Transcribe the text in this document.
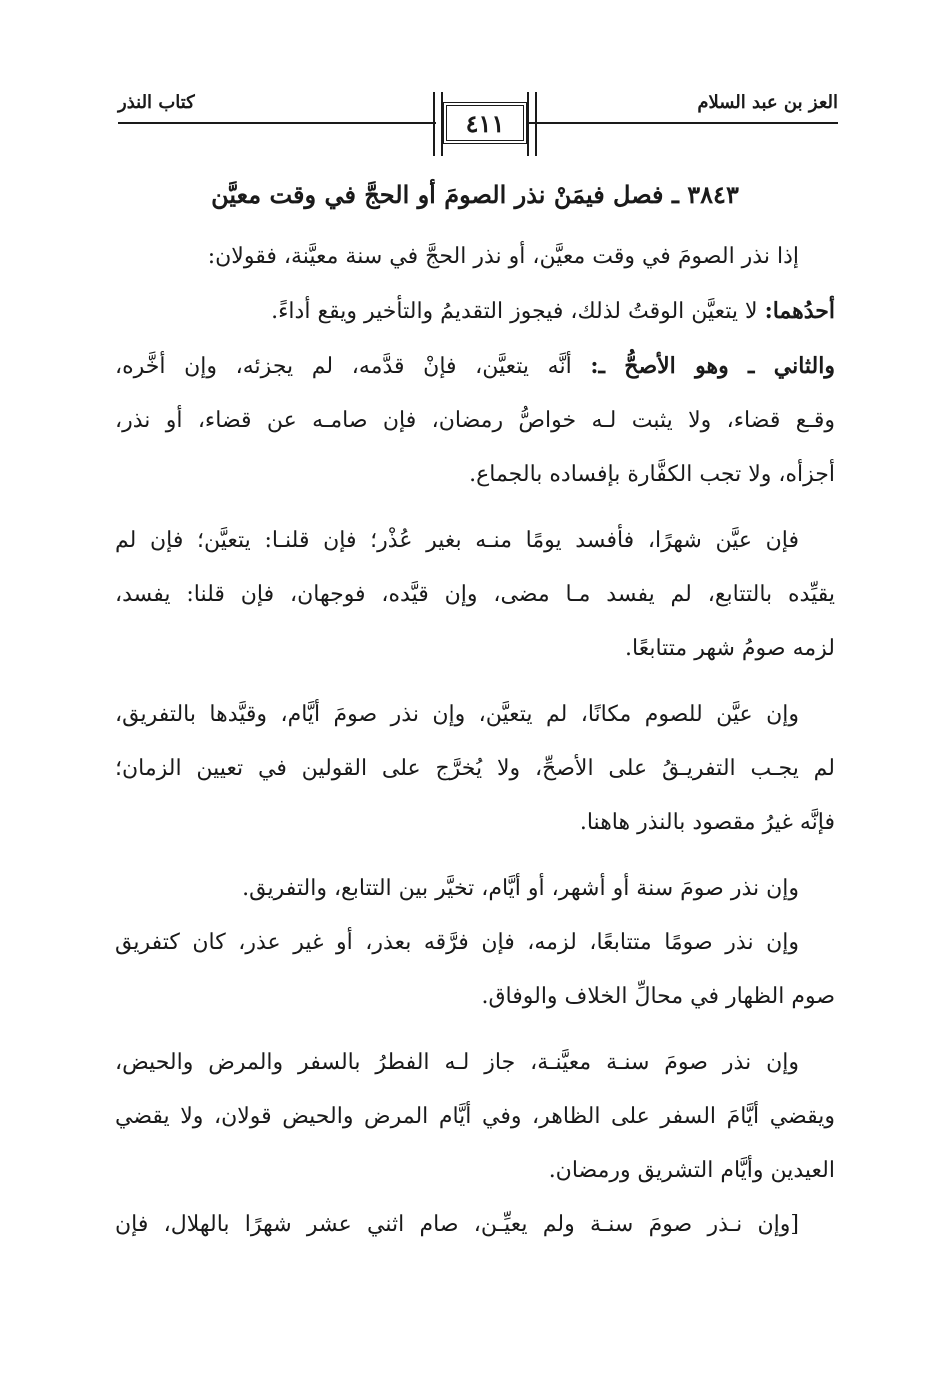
العز بن عبد السلام
٤١١
كتاب النذر
٣٨٤٣ ـ فصل فيمَنْ نذر الصومَ أو الحجَّ في وقت معيَّن
إذا نذر الصومَ في وقت معيَّن، أو نذر الحجَّ في سنة معيَّنة، فقولان:
أحدُهما: لا يتعيَّن الوقتُ لذلك، فيجوز التقديمُ والتأخير ويقع أداءً.
والثاني ـ وهو الأصحُّ ـ: أنَّه يتعيَّن، فإنْ قدَّمه، لم يجزئه، وإن أخَّره،
وقـع قضاء، ولا يثبت لـه خواصُّ رمضان، فإن صامـه عن قضاء، أو نذر،
أجزأه، ولا تجب الكفَّارة بإفساده بالجماع.
فإن عيَّن شهرًا، فأفسد يومًا منـه بغير عُذْر؛ فإن قلنـا: يتعيَّن؛ فإن لم
يقيِّده بالتتابع، لم يفسد مـا مضى، وإن قيَّده، فوجهان، فإن قلنا: يفسد،
لزمه صومُ شهر متتابعًا.
وإن عيَّن للصوم مكانًا، لم يتعيَّن، وإن نذر صومَ أيَّام، وقيَّدها بالتفريق،
لم يجـب التفريـقُ على الأصحِّ، ولا يُخرَّج على القولين في تعيين الزمان؛
فإنَّه غيرُ مقصود بالنذر هاهنا.
وإن نذر صومَ سنة أو أشهر، أو أيَّام، تخيَّر بين التتابع، والتفريق.
وإن نذر صومًا متتابعًا، لزمه، فإن فرَّقه بعذر، أو غير عذر، كان كتفريق
صوم الظهار في محالِّ الخلاف والوفاق.
وإن نذر صومَ سنـة معيَّنـة، جاز لـه الفطرُ بالسفر والمرض والحيض،
ويقضي أيَّامَ السفر على الظاهر، وفي أيَّام المرض والحيض قولان، ولا يقضي
العيدين وأيَّام التشريق ورمضان.
[وإن نـذر صومَ سنـة ولم يعيِّـن، صام اثني عشر شهرًا بالهلال، فإن
